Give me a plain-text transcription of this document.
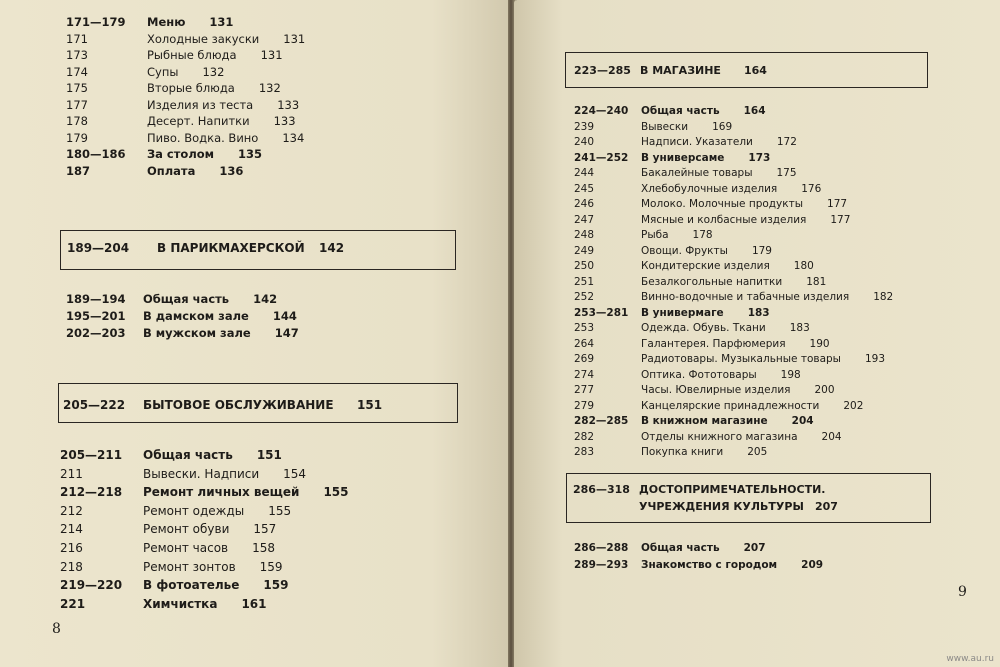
171—179 Меню 131
171	Холодные закуски 131
173	Рыбные блюда 131
174	Супы 132
175	Вторые блюда 132
177	Изделия из теста 133
178	Десерт. Напитки 133
179	Пиво. Водка. Вино 134
180—186 За столом 135
187	Оплата 136
189—204 В ПАРИКМАХЕРСКОЙ 142
189—194 Общая часть 142
195—201 В дамском зале 144
202—203 В мужском зале 147
205—222 БЫТОВОЕ ОБСЛУЖИВАНИЕ 151
205—211 Общая часть 151
211	Вывески. Надписи 154
212—218 Ремонт личных вещей 155
212	Ремонт одежды 155
214	Ремонт обуви 157
216	Ремонт часов 158
218	Ремонт зонтов 159
219—220 В фотоателье 159
221	Химчистка 161
8
223—285 В МАГАЗИНЕ 164
224—240 Общая часть 164
239	Вывески 169
240	Надписи. Указатели 172
241—252 В универсаме 173
244	Бакалейные товары 175
245	Хлебобулочные изделия 176
246	Молоко. Молочные продукты 177
247	Мясные и колбасные изделия 177
248	Рыба 178
249	Овощи. Фрукты 179
250	Кондитерские изделия 180
251	Безалкогольные напитки 181
252	Винно-водочные и табачные изделия 182
253—281 В универмаге 183
253	Одежда. Обувь. Ткани 183
264	Галантерея. Парфюмерия 190
269	Радиотовары. Музыкальные товары 193
274	Оптика. Фототовары 198
277	Часы. Ювелирные изделия 200
279	Канцелярские принадлежности 202
282—285 В книжном магазине 204
282	Отделы книжного магазина 204
283	Покупка книги 205
286—318 ДОСТОПРИМЕЧАТЕЛЬНОСТИ.
УЧРЕЖДЕНИЯ КУЛЬТУРЫ 207
286—288 Общая часть 207
289—293 Знакомство с городом 209
9
www.au.ru
